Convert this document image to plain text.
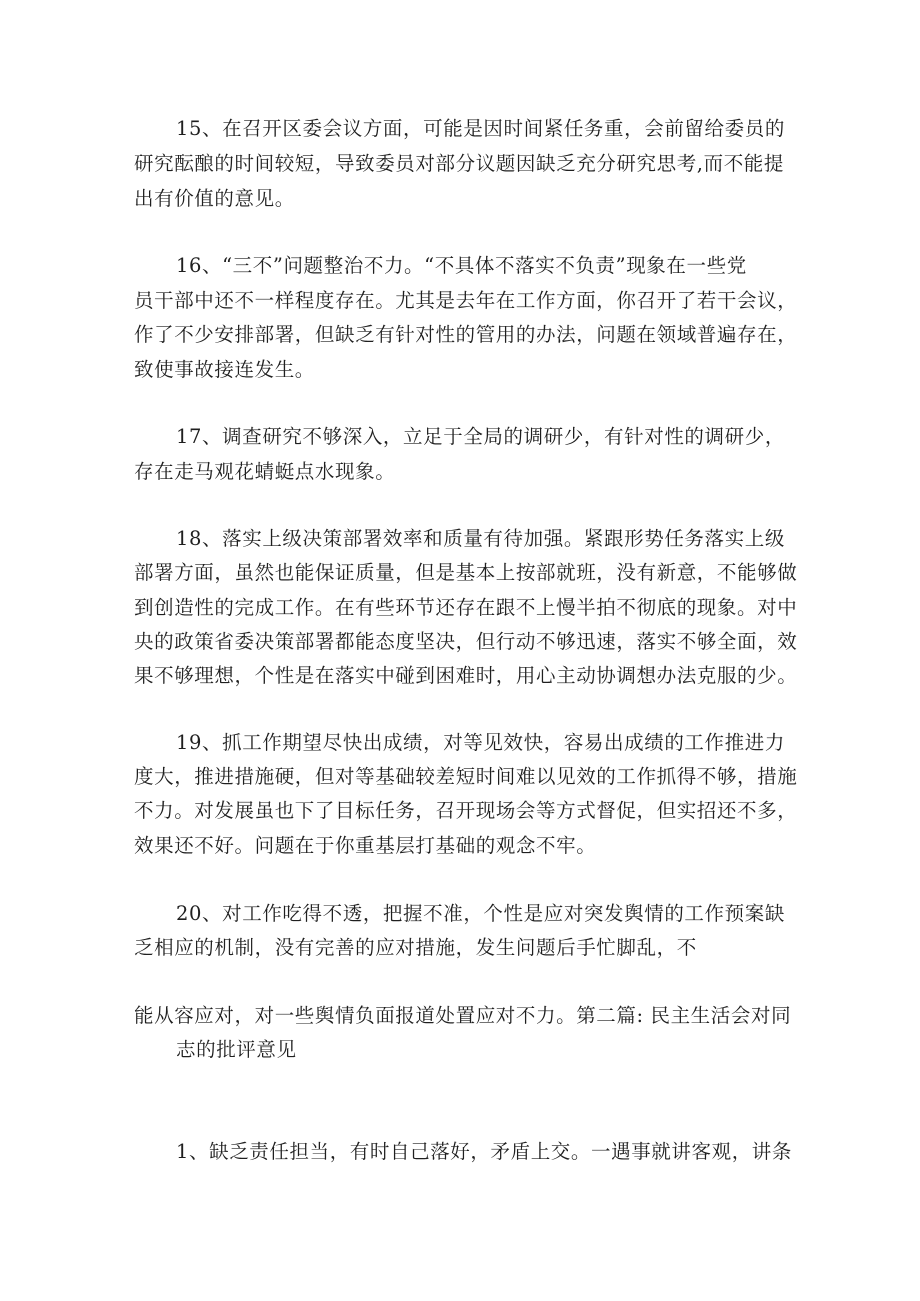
15、在召开区委会议方面，可能是因时间紧任务重，会前留给委员的
研究酝酿的时间较短，导致委员对部分议题因缺乏充分研究思考,而不能提
出有价值的意见。
16、“三不”问题整治不力。“不具体不落实不负责”现象在一些党
员干部中还不一样程度存在。尤其是去年在工作方面，你召开了若干会议，
作了不少安排部署，但缺乏有针对性的管用的办法，问题在领域普遍存在，
致使事故接连发生。
17、调查研究不够深入，立足于全局的调研少，有针对性的调研少，
存在走马观花蜻蜓点水现象。
18、落实上级决策部署效率和质量有待加强。紧跟形势任务落实上级
部署方面，虽然也能保证质量，但是基本上按部就班，没有新意，不能够做
到创造性的完成工作。在有些环节还存在跟不上慢半拍不彻底的现象。对中
央的政策省委决策部署都能态度坚决，但行动不够迅速，落实不够全面，效
果不够理想，个性是在落实中碰到困难时，用心主动协调想办法克服的少。
19、抓工作期望尽快出成绩，对等见效快，容易出成绩的工作推进力
度大，推进措施硬，但对等基础较差短时间难以见效的工作抓得不够，措施
不力。对发展虽也下了目标任务，召开现场会等方式督促，但实招还不多，
效果还不好。问题在于你重基层打基础的观念不牢。
20、对工作吃得不透，把握不准，个性是应对突发舆情的工作预案缺
乏相应的机制，没有完善的应对措施，发生问题后手忙脚乱，不
能从容应对，对一些舆情负面报道处置应对不力。第二篇: 民主生活会对同
志的批评意见
1、缺乏责任担当，有时自己落好，矛盾上交。一遇事就讲客观，讲条
